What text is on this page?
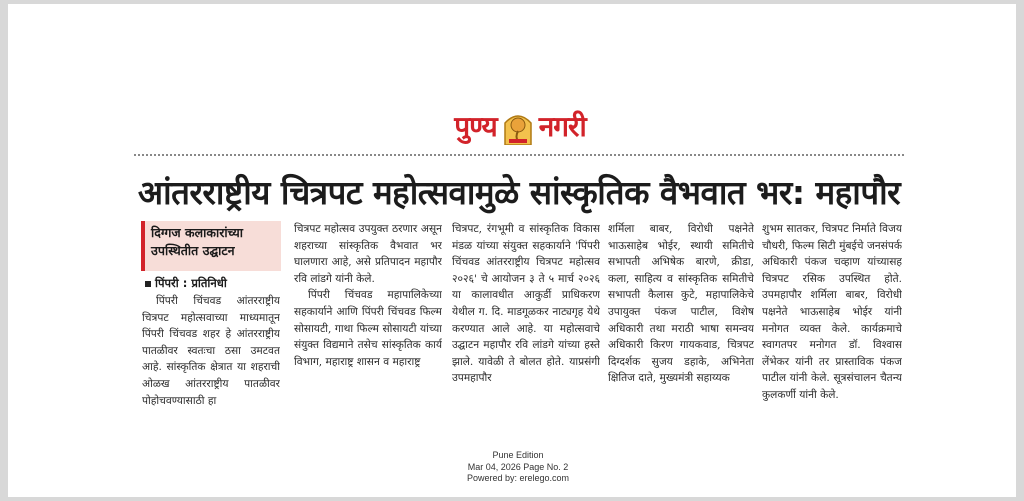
पुण्य नगरी
आंतरराष्ट्रीय चित्रपट महोत्सवामुळे सांस्कृतिक वैभवात भर: महापौर
दिग्गज कलाकारांच्या उपस्थितीत उद्घाटन
पिंपरी : प्रतिनिधी

पिंपरी चिंचवड आंतरराष्ट्रीय चित्रपट महोत्सवाच्या माध्यमातून पिंपरी चिंचवड शहर हे आंतरराष्ट्रीय पातळीवर स्वतःचा ठसा उमटवत आहे. सांस्कृतिक क्षेत्रात या शहराची ओळख आंतरराष्ट्रीय पातळीवर पोहोचवण्यासाठी हा

चित्रपट महोत्सव उपयुक्त ठरणार असून शहराच्या सांस्कृतिक वैभवात भर घालणारा आहे, असे प्रतिपादन महापौर रवि लांडगे यांनी केले.

पिंपरी चिंचवड महापालिकेच्या सहकार्याने आणि पिंपरी चिंचवड फिल्म सोसायटी, गाथा फिल्म सोसायटी यांच्या संयुक्त विद्यमाने तसेच सांस्कृतिक कार्य विभाग, महाराष्ट्र शासन व महाराष्ट्र

चित्रपट, रंगभूमी व सांस्कृतिक विकास मंडळ यांच्या संयुक्त सहकार्याने 'पिंपरी चिंचवड आंतरराष्ट्रीय चित्रपट महोत्सव २०२६' चे आयोजन ३ ते ५ मार्च २०२६ या कालावधीत आकुर्डी प्राधिकरण येथील ग. दि. माडगूळकर नाट्यगृह येथे करण्यात आले आहे. या महोत्सवाचे उद्घाटन महापौर रवि लांडगे यांच्या हस्ते झाले. यावेळी ते बोलत होते. याप्रसंगी उपमहापौर

शर्मिला बाबर, विरोधी पक्षनेते भाऊसाहेब भोईर, स्थायी समितीचे सभापती अभिषेक बारणे, क्रीडा, कला, साहित्य व सांस्कृतिक समितीचे सभापती कैलास कुटे, महापालिकेचे उपायुक्त पंकज पाटील, विशेष अधिकारी तथा मराठी भाषा समन्वय अधिकारी किरण गायकवाड, चित्रपट दिग्दर्शक सुजय डहाके, अभिनेता क्षितिज दाते, मुख्यमंत्री सहाय्यक

शुभम सातकर, चित्रपट निर्माते विजय चौधरी, फिल्म सिटी मुंबईचे जनसंपर्क अधिकारी पंकज चव्हाण यांच्यासह चित्रपट रसिक उपस्थित होते. उपमहापौर शर्मिला बाबर, विरोधी पक्षनेते भाऊसाहेब भोईर यांनी मनोगत व्यक्त केले. कार्यक्रमाचे स्वागतपर मनोगत डॉ. विश्वास लेंभेकर यांनी तर प्रास्ताविक पंकज पाटील यांनी केले. सूत्रसंचालन चैतन्य कुलकर्णी यांनी केले.

Pune Edition
Mar 04, 2026 Page No. 2
Powered by: erelego.com
